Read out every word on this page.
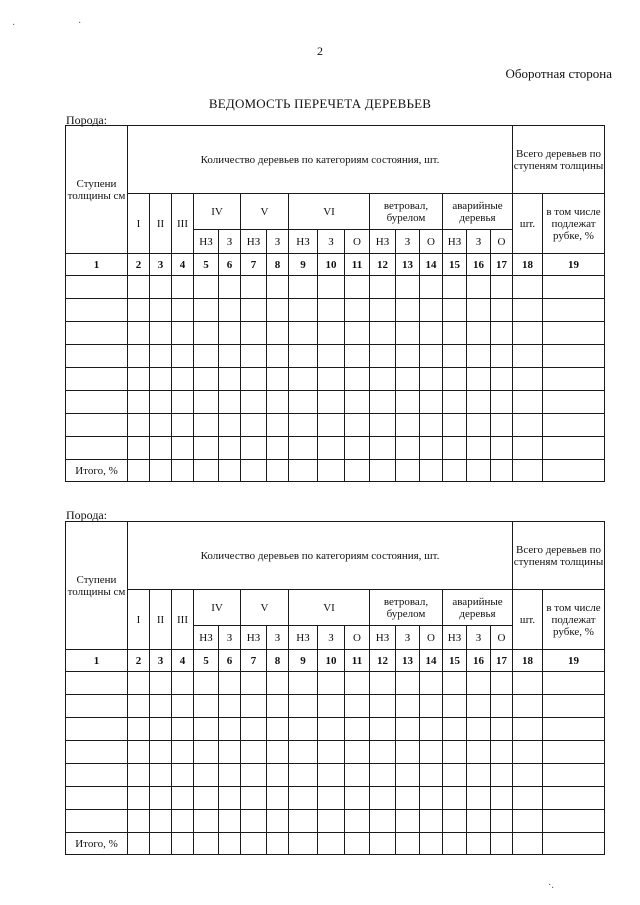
2
Оборотная сторона
ВЕДОМОСТЬ ПЕРЕЧЕТА ДЕРЕВЬЕВ
·	·
·.
Порода:
Порода:
Ступени толщины см	Количество деревьев по категориям состояния, шт.																Всего деревьев по ступеням толщины	
	I	II	III	IV		V		VI			ветровал, бурелом			аварийные деревья			шт.	в том числе подлежат рубке, %
				НЗ	З	НЗ	З	НЗ	З	О	НЗ	З	О	НЗ	З	О		
1	2	3	4	5	6	7	8	9	10	11	12	13	14	15	16	17	18	19

Итого, %																		
Ступени толщины см	Количество деревьев по категориям состояния, шт.																Всего деревьев по ступеням толщины	
	I	II	III	IV		V		VI			ветровал, бурелом			аварийные деревья			шт.	в том числе подлежат рубке, %
				НЗ	З	НЗ	З	НЗ	З	О	НЗ	З	О	НЗ	З	О		
1	2	3	4	5	6	7	8	9	10	11	12	13	14	15	16	17	18	19

Итого, %																		
